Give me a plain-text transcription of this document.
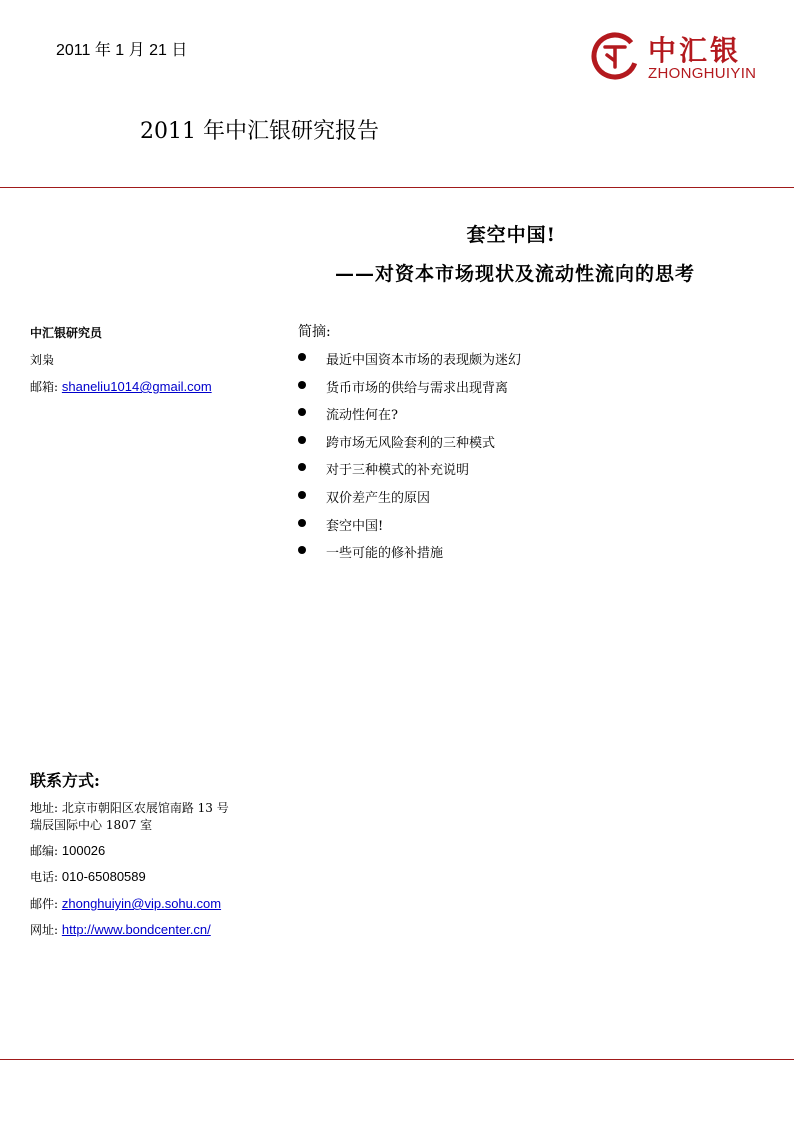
2011 年 1 月 21 日	中汇银
ZHONGHUIYIN
2011 年中汇银研究报告
套空中国!
——对资本市场现状及流动性流向的思考
中汇银研究员
刘枭
邮箱: shaneliu1014@gmail.com
简摘:
最近中国资本市场的表现颇为迷幻
货币市场的供给与需求出现背离
流动性何在?
跨市场无风险套利的三种模式
对于三种模式的补充说明
双价差产生的原因
套空中国!
一些可能的修补措施
联系方式:
地址: 北京市朝阳区农展馆南路 13 号
瑞辰国际中心 1807 室
邮编: 100026
电话: 010-65080589
邮件: zhonghuiyin@vip.sohu.com
网址: http://www.bondcenter.cn/
